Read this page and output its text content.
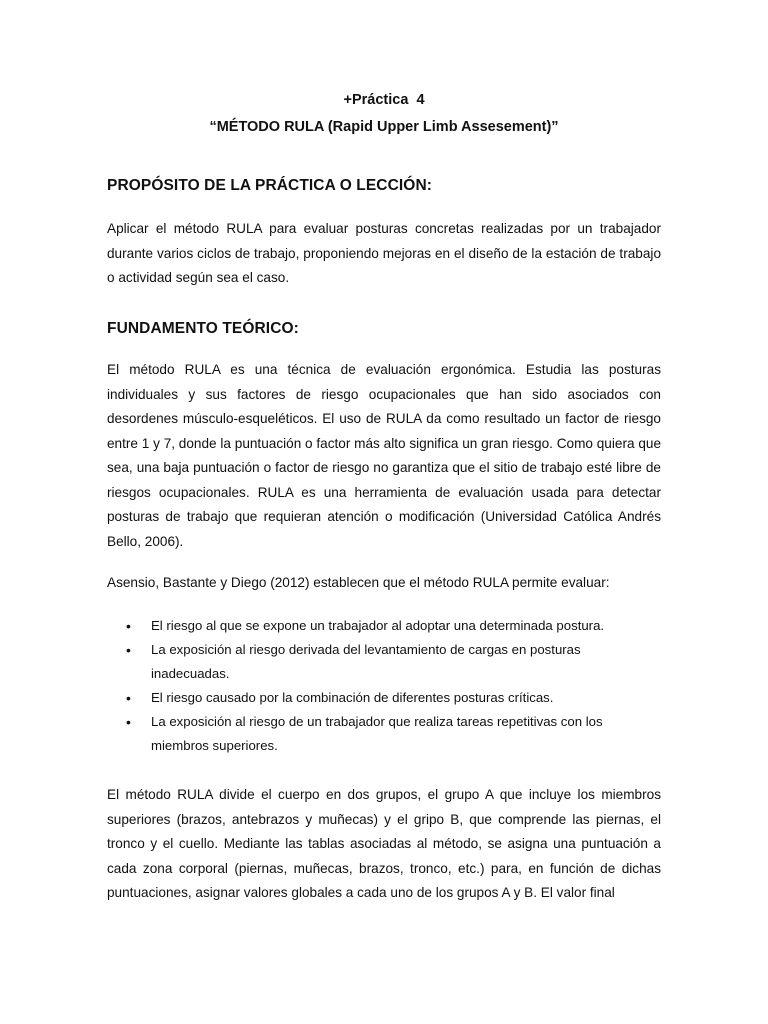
+Práctica  4
“MÉTODO RULA (Rapid Upper Limb Assesement)”
PROPÓSITO DE LA PRÁCTICA O LECCIÓN:

Aplicar el método RULA para evaluar posturas concretas realizadas por un trabajador durante varios ciclos de trabajo, proponiendo mejoras en el diseño de la estación de trabajo o actividad según sea el caso.

FUNDAMENTO TEÓRICO:

El método RULA es una técnica de evaluación ergonómica. Estudia las posturas individuales y sus factores de riesgo ocupacionales que han sido asociados con desordenes músculo-esqueléticos. El uso de RULA da como resultado un factor de riesgo entre 1 y 7, donde la puntuación o factor más alto significa un gran riesgo. Como quiera que sea, una baja puntuación o factor de riesgo no garantiza que el sitio de trabajo esté libre de riesgos ocupacionales. RULA es una herramienta de evaluación usada para detectar posturas de trabajo que requieran atención o modificación (Universidad Católica Andrés Bello, 2006).

Asensio, Bastante y Diego (2012) establecen que el método RULA permite evaluar:

• El riesgo al que se expone un trabajador al adoptar una determinada postura.
• La exposición al riesgo derivada del levantamiento de cargas en posturas inadecuadas.
• El riesgo causado por la combinación de diferentes posturas críticas.
• La exposición al riesgo de un trabajador que realiza tareas repetitivas con los miembros superiores.

El método RULA divide el cuerpo en dos grupos, el grupo A que incluye los miembros superiores (brazos, antebrazos y muñecas) y el gripo B, que comprende las piernas, el tronco y el cuello. Mediante las tablas asociadas al método, se asigna una puntuación a cada zona corporal (piernas, muñecas, brazos, tronco, etc.) para, en función de dichas puntuaciones, asignar valores globales a cada uno de los grupos A y B. El valor final
